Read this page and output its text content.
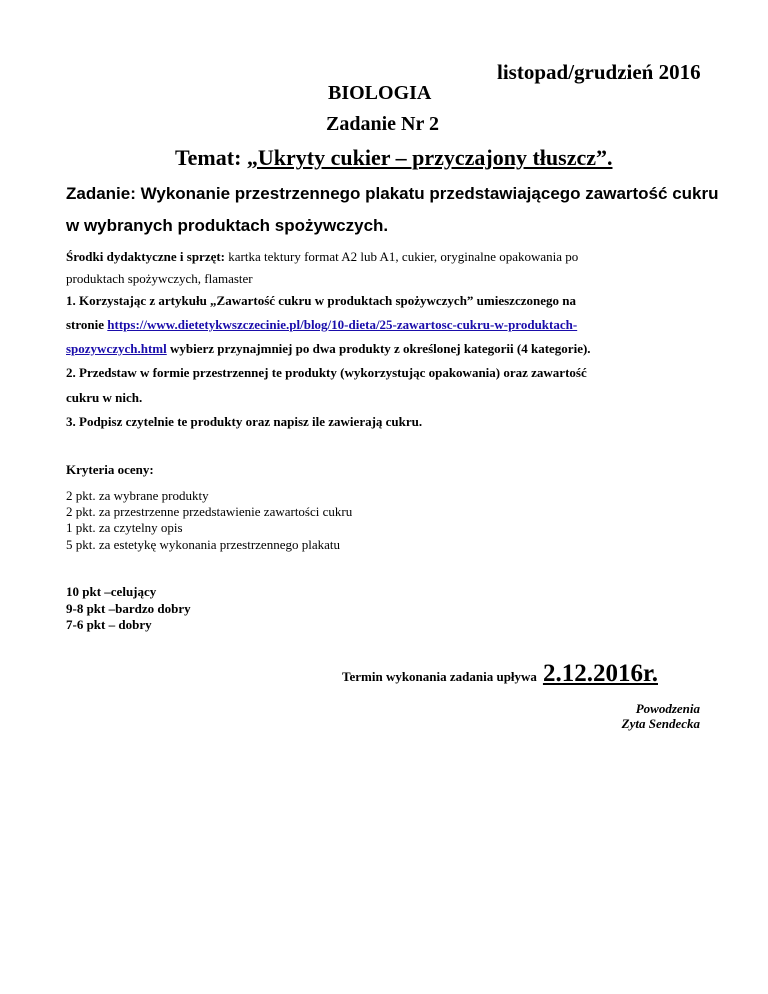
listopad/grudzień 2016
BIOLOGIA
Zadanie Nr 2
Temat: „Ukryty cukier – przyczajony tłuszcz”.
Zadanie: Wykonanie przestrzennego plakatu przedstawiającego zawartość cukru
w wybranych produktach spożywczych.
Środki dydaktyczne i sprzęt: kartka tektury format A2 lub A1, cukier, oryginalne opakowania po
produktach spożywczych, flamaster
1. Korzystając z artykułu „Zawartość cukru w produktach spożywczych” umieszczonego na
stronie https://www.dietetykwszczecinie.pl/blog/10-dieta/25-zawartosc-cukru-w-produktach-
spozywczych.html wybierz przynajmniej po dwa produkty z określonej kategorii (4 kategorie).
2. Przedstaw w formie przestrzennej te produkty (wykorzystując opakowania) oraz zawartość
cukru w nich.
3. Podpisz czytelnie te produkty oraz napisz ile zawierają cukru.
Kryteria oceny:
2 pkt. za wybrane produkty
2 pkt. za przestrzenne przedstawienie zawartości cukru
1 pkt. za czytelny opis
5 pkt. za estetykę wykonania przestrzennego plakatu
10 pkt –celujący
9-8 pkt –bardzo dobry
7-6 pkt – dobry
Termin wykonania zadania upływa 2.12.2016r.
Powodzenia
Zyta Sendecka
